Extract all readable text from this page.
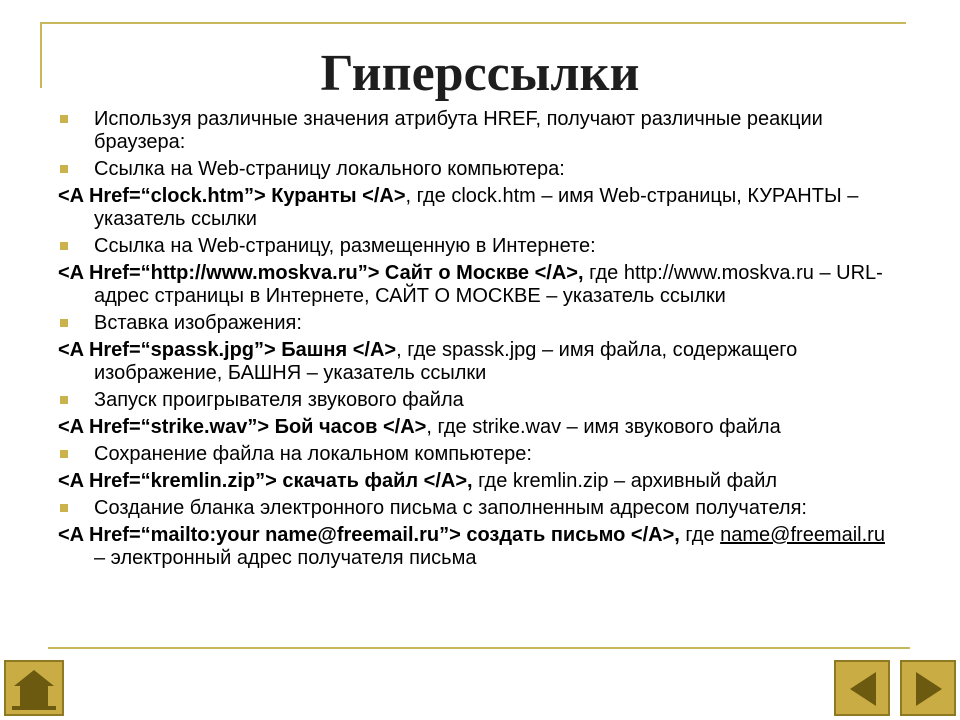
Гиперссылки
Используя различные значения атрибута HREF, получают различные реакции браузера:
Ссылка на Web-страницу локального компьютера:
<A Href=“clock.htm”> Куранты </A>, где clock.htm – имя Web-страницы, КУРАНТЫ – указатель ссылки
Ссылка на Web-страницу, размещенную в Интернете:
<A Href=“http://www.moskva.ru”> Сайт о Москве </A>, где http://www.moskva.ru – URL-адрес страницы в Интернете, САЙТ О МОСКВЕ – указатель ссылки
Вставка изображения:
<A Href=“spassk.jpg”> Башня </A>, где spassk.jpg – имя файла, содержащего изображение, БАШНЯ – указатель ссылки
Запуск проигрывателя звукового файла
<A Href=“strike.wav”> Бой часов </A>, где strike.wav – имя звукового файла
Сохранение файла на локальном компьютере:
<A Href=“kremlin.zip”> скачать файл </A>, где kremlin.zip – архивный файл
Создание бланка электронного письма с заполненным адресом получателя:
<A Href=“mailto:your name@freemail.ru”> создать письмо </A>, где name@freemail.ru – электронный адрес получателя письма
